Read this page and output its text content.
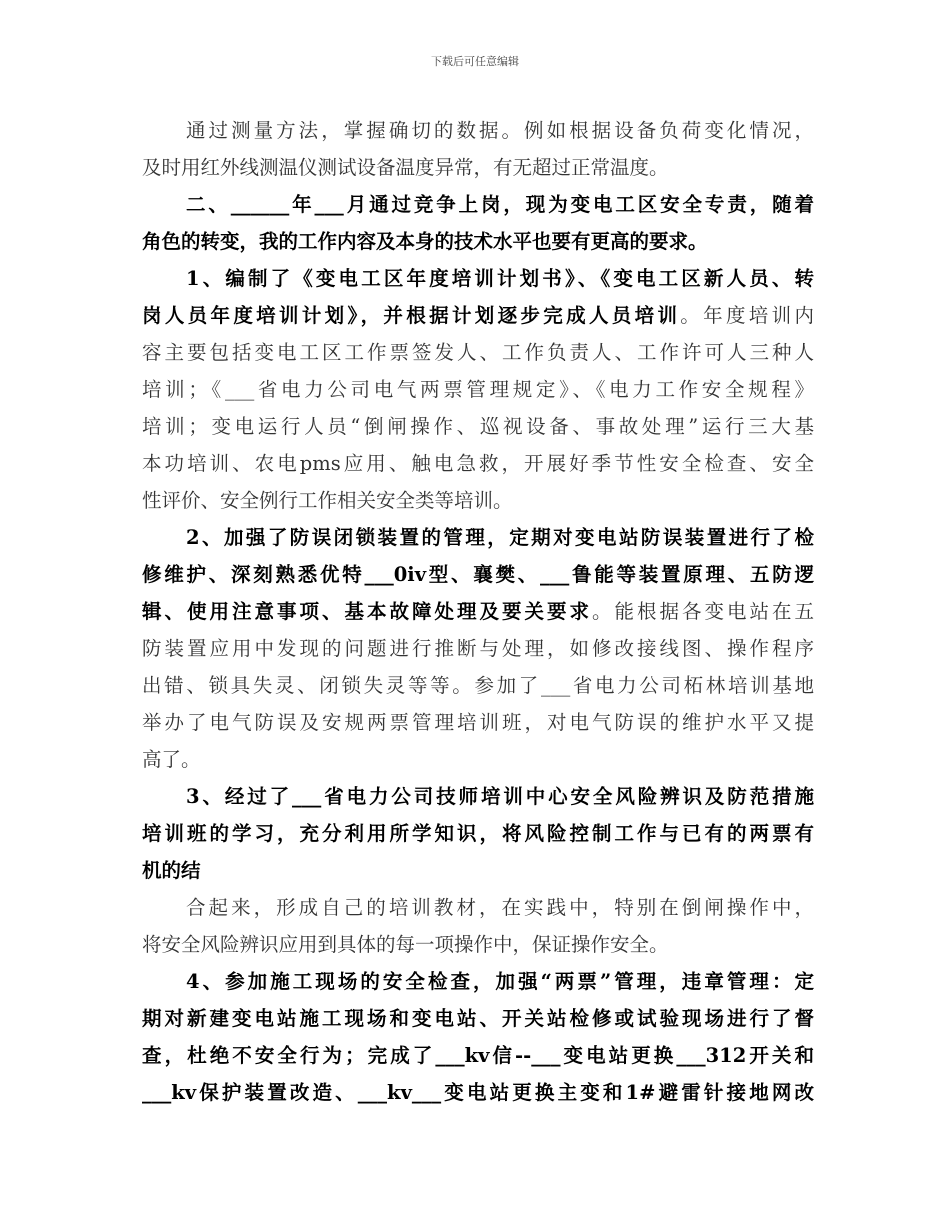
下载后可任意编辑
通过测量方法，掌握确切的数据。例如根据设备负荷变化情况，
及时用红外线测温仪测试设备温度异常，有无超过正常温度。
二、______年___月通过竞争上岗，现为变电工区安全专责，随着
角色的转变，我的工作内容及本身的技术水平也要有更高的要求。
1、编制了《变电工区年度培训计划书》、《变电工区新人员、转
岗人员年度培训计划》，并根据计划逐步完成人员培训。年度培训内
容主要包括变电工区工作票签发人、工作负责人、工作许可人三种人
培训；《___省电力公司电气两票管理规定》、《电力工作安全规程》
培训；变电运行人员“倒闸操作、巡视设备、事故处理”运行三大基
本功培训、农电pms应用、触电急救，开展好季节性安全检查、安全
性评价、安全例行工作相关安全类等培训。
2、加强了防误闭锁装置的管理，定期对变电站防误装置进行了检
修维护、深刻熟悉优特___0iv型、襄樊、___鲁能等装置原理、五防逻
辑、使用注意事项、基本故障处理及要关要求。能根据各变电站在五
防装置应用中发现的问题进行推断与处理，如修改接线图、操作程序
出错、锁具失灵、闭锁失灵等等。参加了___省电力公司柘林培训基地
举办了电气防误及安规两票管理培训班，对电气防误的维护水平又提
高了。
3、经过了___省电力公司技师培训中心安全风险辨识及防范措施
培训班的学习，充分利用所学知识，将风险控制工作与已有的两票有
机的结
合起来，形成自己的培训教材，在实践中，特别在倒闸操作中，
将安全风险辨识应用到具体的每一项操作中，保证操作安全。
4、参加施工现场的安全检查，加强“两票”管理，违章管理：定
期对新建变电站施工现场和变电站、开关站检修或试验现场进行了督
查，杜绝不安全行为；完成了___kv信--___变电站更换___312开关和
___kv保护装置改造、___kv___变电站更换主变和1#避雷针接地网改
